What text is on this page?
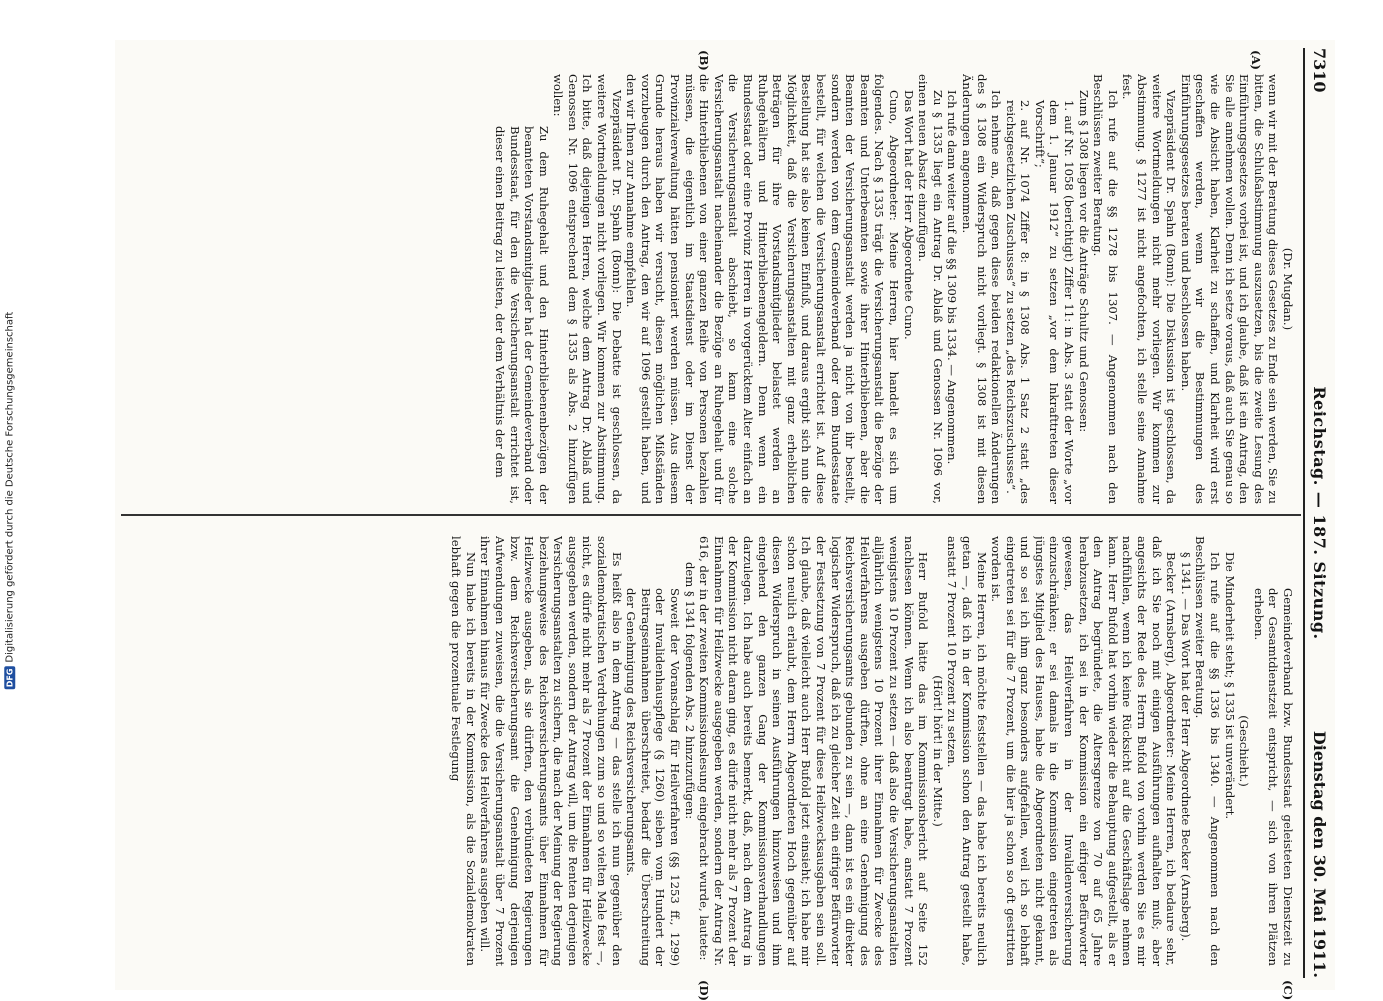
7310
Reichstag. — 187. Sitzung.
Dienstag den 30. Mai 1911.
(A)
(B)
(C)
(D)

(Dr. Mugdan.)

wenn wir mit der Beratung dieses Gesetzes zu Ende sein werden, Sie zu bitten, die Schlußabstimmung auszusetzen, bis die zweite Lesung des Einführungsgesetzes vorbei ist, und ich glaube, daß ist ein Antrag, den Sie alle annehmen wollen. Denn ich setze voraus, daß auch Sie genau so wie die Absicht haben, Klarheit zu schaffen, und Klarheit wird erst geschaffen werden, wenn wir die Bestimmungen des Einführungsgesetzes beraten und beschlossen haben.

Vizepräsident Dr. Spahn (Bonn): Die Diskussion ist geschlossen, da weitere Wortmeldungen nicht mehr vorliegen. Wir kommen zur Abstimmung. § 1277 ist nicht angefochten, ich stelle seine Annahme fest.

Ich rufe auf die §§ 1278 bis 1307. — Angenommen nach den Beschlüssen zweiter Beratung.

Zum § 1308 liegen vor die Anträge Schultz und Genossen:

1. auf Nr. 1058 (berichtigt) Ziffer 11: in Abs. 3 statt der Worte „vor dem 1. Januar 1912“ zu setzen „vor dem Inkrafttreten dieser Vorschrift“;

2. auf Nr. 1074 Ziffer 8: in § 1308 Abs. 1 Satz 2 statt „des reichsgesetzlichen Zuschusses“ zu setzen „des Reichszuschusses“.

Ich nehme an, daß gegen diese beiden redaktionellen Änderungen des § 1308 ein Widerspruch nicht vorliegt. § 1308 ist mit diesen Änderungen angenommen.

Ich rufe dann weiter auf die §§ 1309 bis 1334. — Angenommen.

Zu § 1335 liegt ein Antrag Dr. Ablaß und Genossen Nr. 1096 vor, einen neuen Absatz einzufügen.

Das Wort hat der Herr Abgeordnete Cuno.

Cuno, Abgeordneter: Meine Herren, hier handelt es sich um folgendes. Nach § 1335 trägt die Versicherungsanstalt die Bezüge der Beamten und Unterbeamten sowie ihrer Hinterbliebenen, aber die Beamten der Versicherungsanstalt werden ja nicht von ihr bestellt, sondern werden von dem Gemeindeverband oder dem Bundesstaate bestellt, für welchen die Versicherungsanstalt errichtet ist. Auf diese Bestellung hat sie also keinen Einfluß, und daraus ergibt sich nun die Möglichkeit, daß die Versicherungsanstalten mit ganz erheblichen Beträgen für ihre Vorstandsmitglieder belastet werden an Ruhegehältern und Hinterbliebenengeldern. Denn wenn ein Bundesstaat oder eine Provinz Herren in vorgerücktem Alter einfach an die Versicherungsanstalt abschiebt, so kann eine solche Versicherungsanstalt nacheinander die Bezüge an Ruhegehalt und für die Hinterbliebenen von einer ganzen Reihe von Personen bezahlen müssen, die eigentlich im Staatsdienst oder im Dienst der Provinzialverwaltung hätten pensioniert werden müssen. Aus diesem Grunde heraus haben wir versucht, diesen möglichen Mißständen vorzubeugen durch den Antrag, den wir auf 1096 gestellt haben, und den wir Ihnen zur Annahme empfehlen.

Vizepräsident Dr. Spahn (Bonn): Die Debatte ist geschlossen, da weitere Wortmeldungen nicht vorliegen. Wir kommen zur Abstimmung. Ich bitte, daß diejenigen Herren, welche dem Antrag Dr. Ablaß und Genossen Nr. 1096 entsprechend dem § 1335 als Abs. 2 hinzufügen wollen:

Zu dem Ruhegehalt und den Hinterbliebenenbezügen der beamteten Vorstandsmitglieder hat der Gemeindeverband oder Bundesstaat, für den die Versicherungsanstalt errichtet ist, dieser einen Beitrag zu leisten, der dem Verhältnis der dem

Gemeindeverband bzw. Bundesstaat geleisteten Dienstzeit zu der Gesamtdienstzeit entspricht, — sich von ihren Plätzen erheben.

(Geschieht.)

Die Minderheit steht; § 1335 ist unverändert.

Ich rufe auf die §§ 1336 bis 1340. — Angenommen nach den Beschlüssen zweiter Beratung.

§ 1341. — Das Wort hat der Herr Abgeordnete Becker (Arnsberg).

Becker (Arnsberg), Abgeordneter: Meine Herren, ich bedaure sehr, daß ich Sie noch mit einigen Ausführungen aufhalten muß; aber angesichts der Rede des Herrn Bufold von vorhin werden Sie es mir nachfühlen, wenn ich keine Rücksicht auf die Geschäftslage nehmen kann. Herr Bufold hat vorhin wieder die Behauptung aufgestellt, als er den Antrag begründete, die Altersgrenze von 70 auf 65 Jahre herabzusetzen, ich sei in der Kommission ein eifriger Befürworter gewesen, das Heilverfahren in der Invalidenversicherung einzuschränken; er sei damals in die Kommission eingetreten als jüngstes Mitglied des Hauses, habe die Abgeordneten nicht gekannt, und so sei ich ihm ganz besonders aufgefallen, weil ich so lebhaft eingetreten sei für die 7 Prozent, um die hier ja schon so oft gestritten worden ist.

Meine Herren, ich möchte feststellen — das habe ich bereits neulich getan —, daß ich in der Kommission schon den Antrag gestellt habe, anstatt 7 Prozent 10 Prozent zu setzen.

(Hört! hört! in der Mitte.)

Herr Bufold hätte das im Kommissionsbericht auf Seite 152 nachlesen können. Wenn ich also beantragt habe, anstatt 7 Prozent wenigstens 10 Prozent zu setzen — daß also die Versicherungsanstalten alljährlich wenigstens 10 Prozent ihrer Einnahmen für Zwecke des Heilverfahrens ausgeben dürften, ohne an eine Genehmigung des Reichsversicherungsamts gebunden zu sein —, dann ist es ein direkter logischer Widerspruch, daß ich zu gleicher Zeit ein eifriger Befürworter der Festsetzung von 7 Prozent für diese Heilzwecksausgaben sein soll. Ich glaube, daß vielleicht auch Herr Bufold jetzt einsieht; ich habe mir schon neulich erlaubt, dem Herrn Abgeordneten Hoch gegenüber auf diesen Widerspruch in seinen Ausführungen hinzuweisen und ihm eingehend den ganzen Gang der Kommissionsverhandlungen darzulegen. Ich habe auch bereits bemerkt, daß, nach dem Antrag in der Kommission nicht daran ging, es dürfe nicht mehr als 7 Prozent der Einnahmen für Heilzwecke ausgegeben werden, sondern der Antrag Nr. 616, der in der zweiten Kommissionslesung eingebracht wurde, lautete:

dem § 1341 folgenden Abs. 2 hinzuzufügen:

Soweit der Voranschlag für Heilverfahren (§§ 1253 ff., 1299) oder Invalidenhauspflege (§ 1260) sieben vom Hundert der Beitragseinnahmen überschreitet, bedarf die Überschreitung der Genehmigung des Reichsversicherungsamts.

Es heißt also in dem Antrag — das stelle ich nun gegenüber den sozialdemokratischen Verdrehungen zum so und so vielten Male fest —, nicht, es dürfe nicht mehr als 7 Prozent der Einnahmen für Heilzwecke ausgegeben werden, sondern der Antrag will, um die Renten derjenigen Versicherungsanstalten zu sichern, die nach der Meinung der Regierung beziehungsweise des Reichsversicherungsamts über Einnahmen für Heilzwecke ausgeben, als sie dürften, den verbündeten Regierungen bzw. dem Reichsversicherungsamt die Genehmigung derjenigen Aufwendungen zuweisen, die die Versicherungsanstalt über 7 Prozent ihrer Einnahmen hinaus für Zwecke des Heilverfahrens ausgeben will.

Nun habe ich bereits in der Kommission, als die Sozialdemokraten lebhaft gegen die prozentuale Festlegung

DFG
Digitalisierung gefördert durch die Deutsche Forschungsgemeinschaft
